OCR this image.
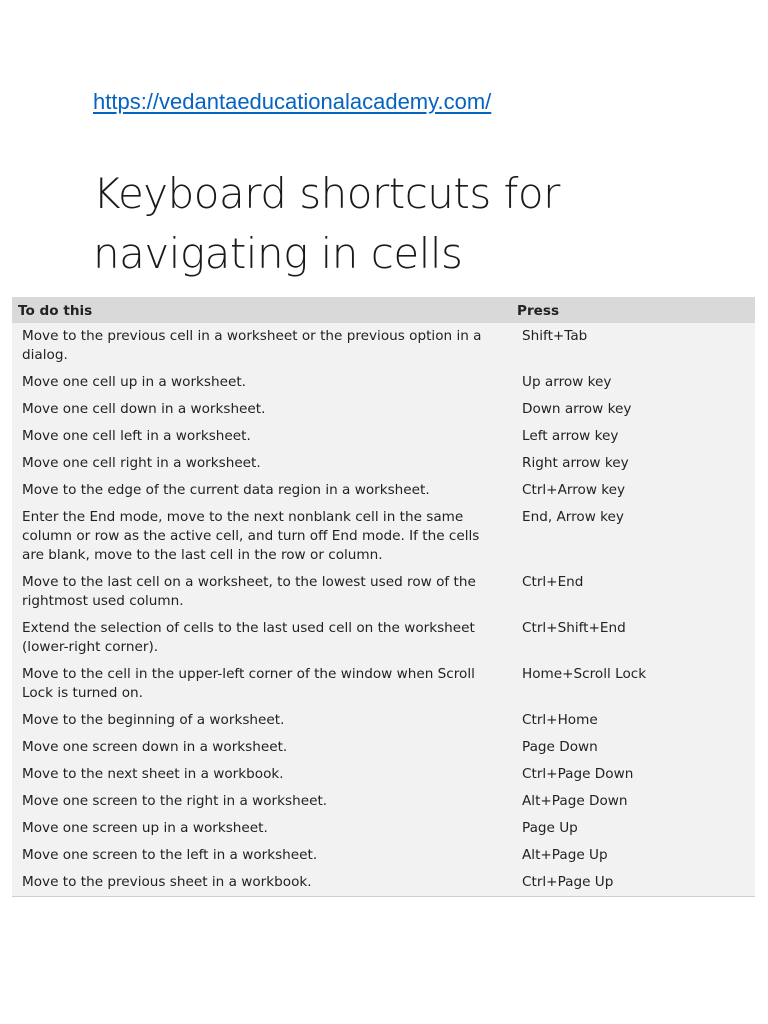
https://vedantaeducationalacademy.com/
Keyboard shortcuts for navigating in cells
To do this	Press
Move to the previous cell in a worksheet or the previous option in a dialog.	Shift+Tab
Move one cell up in a worksheet.	Up arrow key
Move one cell down in a worksheet.	Down arrow key
Move one cell left in a worksheet.	Left arrow key
Move one cell right in a worksheet.	Right arrow key
Move to the edge of the current data region in a worksheet.	Ctrl+Arrow key
Enter the End mode, move to the next nonblank cell in the same column or row as the active cell, and turn off End mode. If the cells are blank, move to the last cell in the row or column.	End, Arrow key
Move to the last cell on a worksheet, to the lowest used row of the rightmost used column.	Ctrl+End
Extend the selection of cells to the last used cell on the worksheet (lower-right corner).	Ctrl+Shift+End
Move to the cell in the upper-left corner of the window when Scroll Lock is turned on.	Home+Scroll Lock
Move to the beginning of a worksheet.	Ctrl+Home
Move one screen down in a worksheet.	Page Down
Move to the next sheet in a workbook.	Ctrl+Page Down
Move one screen to the right in a worksheet.	Alt+Page Down
Move one screen up in a worksheet.	Page Up
Move one screen to the left in a worksheet.	Alt+Page Up
Move to the previous sheet in a workbook.	Ctrl+Page Up
